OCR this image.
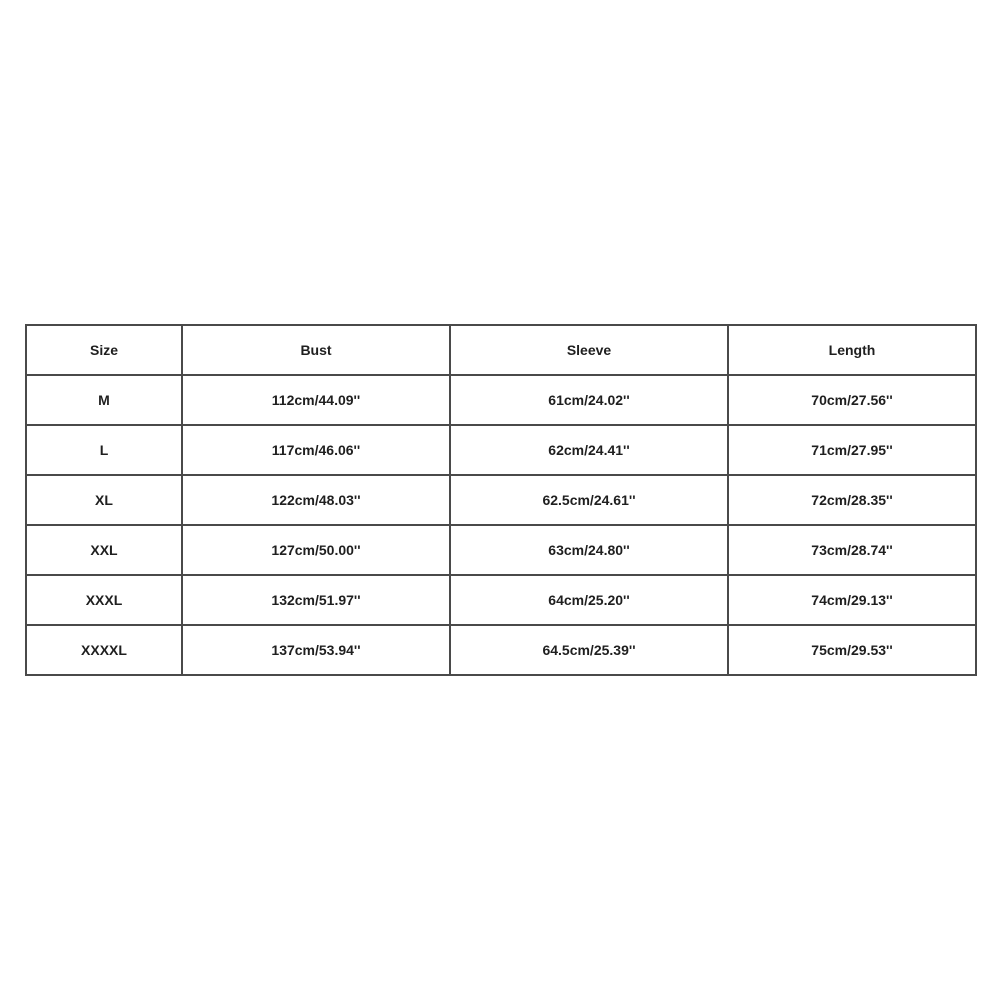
Size	Bust	Sleeve	Length
M	112cm/44.09''	61cm/24.02''	70cm/27.56''
L	117cm/46.06''	62cm/24.41''	71cm/27.95''
XL	122cm/48.03''	62.5cm/24.61''	72cm/28.35''
XXL	127cm/50.00''	63cm/24.80''	73cm/28.74''
XXXL	132cm/51.97''	64cm/25.20''	74cm/29.13''
XXXXL	137cm/53.94''	64.5cm/25.39''	75cm/29.53''
